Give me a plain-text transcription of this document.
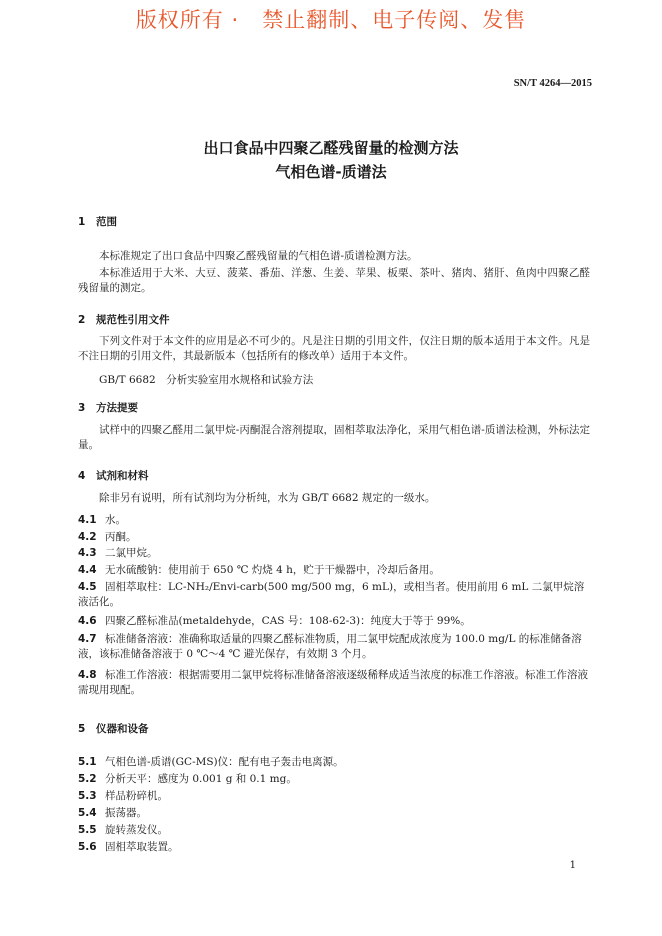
版权所有 ·   禁止翻制、电子传阅、发售
SN/T 4264—2015
出口食品中四聚乙醛残留量的检测方法
气相色谱-质谱法
1 范围
本标准规定了出口食品中四聚乙醛残留量的气相色谱-质谱检测方法。
本标准适用于大米、大豆、菠菜、番茄、洋葱、生姜、苹果、板栗、茶叶、猪肉、猪肝、鱼肉中四聚乙醛残留量的测定。
2 规范性引用文件
下列文件对于本文件的应用是必不可少的。凡是注日期的引用文件，仅注日期的版本适用于本文件。凡是不注日期的引用文件，其最新版本（包括所有的修改单）适用于本文件。
GB/T 6682　分析实验室用水规格和试验方法
3 方法提要
试样中的四聚乙醛用二氯甲烷-丙酮混合溶剂提取，固相萃取法净化，采用气相色谱-质谱法检测，外标法定量。
4 试剂和材料
除非另有说明，所有试剂均为分析纯，水为 GB/T 6682 规定的一级水。
4.1 水。
4.2 丙酮。
4.3 二氯甲烷。
4.4 无水硫酸钠：使用前于 650 ℃ 灼烧 4 h，贮于干燥器中，冷却后备用。
4.5 固相萃取柱：LC-NH₂/Envi-carb(500 mg/500 mg，6 mL)，或相当者。使用前用 6 mL 二氯甲烷溶液活化。
4.6 四聚乙醛标准品(metaldehyde，CAS 号：108-62-3)：纯度大于等于 99%。
4.7 标准储备溶液：准确称取适量的四聚乙醛标准物质，用二氯甲烷配成浓度为 100.0 mg/L 的标准储备溶液，该标准储备溶液于 0 ℃～4 ℃ 避光保存，有效期 3 个月。
4.8 标准工作溶液：根据需要用二氯甲烷将标准储备溶液逐级稀释成适当浓度的标准工作溶液。标准工作溶液需现用现配。
5 仪器和设备
5.1 气相色谱-质谱(GC-MS)仪：配有电子轰击电离源。
5.2 分析天平：感度为 0.001 g 和 0.1 mg。
5.3 样品粉碎机。
5.4 振荡器。
5.5 旋转蒸发仪。
5.6 固相萃取装置。
1
